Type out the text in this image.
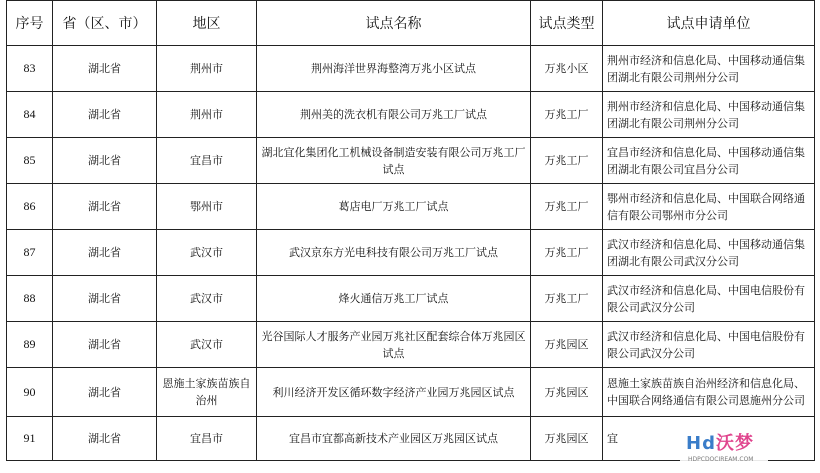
序号	省（区、市）	地区	试点名称	试点类型	试点申请单位
83	湖北省	荆州市	荆州海洋世界海整湾万兆小区试点	万兆小区	荆州市经济和信息化局、中国移动通信集团湖北有限公司荆州分公司
84	湖北省	荆州市	荆州美的洗衣机有限公司万兆工厂试点	万兆工厂	荆州市经济和信息化局、中国移动通信集团湖北有限公司荆州分公司
85	湖北省	宜昌市	湖北宜化集团化工机械设备制造安装有限公司万兆工厂试点	万兆工厂	宜昌市经济和信息化局、中国移动通信集团湖北有限公司宜昌分公司
86	湖北省	鄂州市	葛店电厂万兆工厂试点	万兆工厂	鄂州市经济和信息化局、中国联合网络通信有限公司鄂州市分公司
87	湖北省	武汉市	武汉京东方光电科技有限公司万兆工厂试点	万兆工厂	武汉市经济和信息化局、中国移动通信集团湖北有限公司武汉分公司
88	湖北省	武汉市	烽火通信万兆工厂试点	万兆工厂	武汉市经济和信息化局、中国电信股份有限公司武汉分公司
89	湖北省	武汉市	光谷国际人才服务产业园万兆社区配套综合体万兆园区试点	万兆园区	武汉市经济和信息化局、中国电信股份有限公司武汉分公司
90	湖北省	恩施土家族苗族自治州	利川经济开发区循环数字经济产业园万兆园区试点	万兆园区	恩施土家族苗族自治州经济和信息化局、中国联合网络通信有限公司恩施州分公司
91	湖北省	宜昌市	宜昌市宜都高新技术产业园区万兆园区试点	万兆园区	宜	Hd沃梦
HDPCDOCIREAM.COM
